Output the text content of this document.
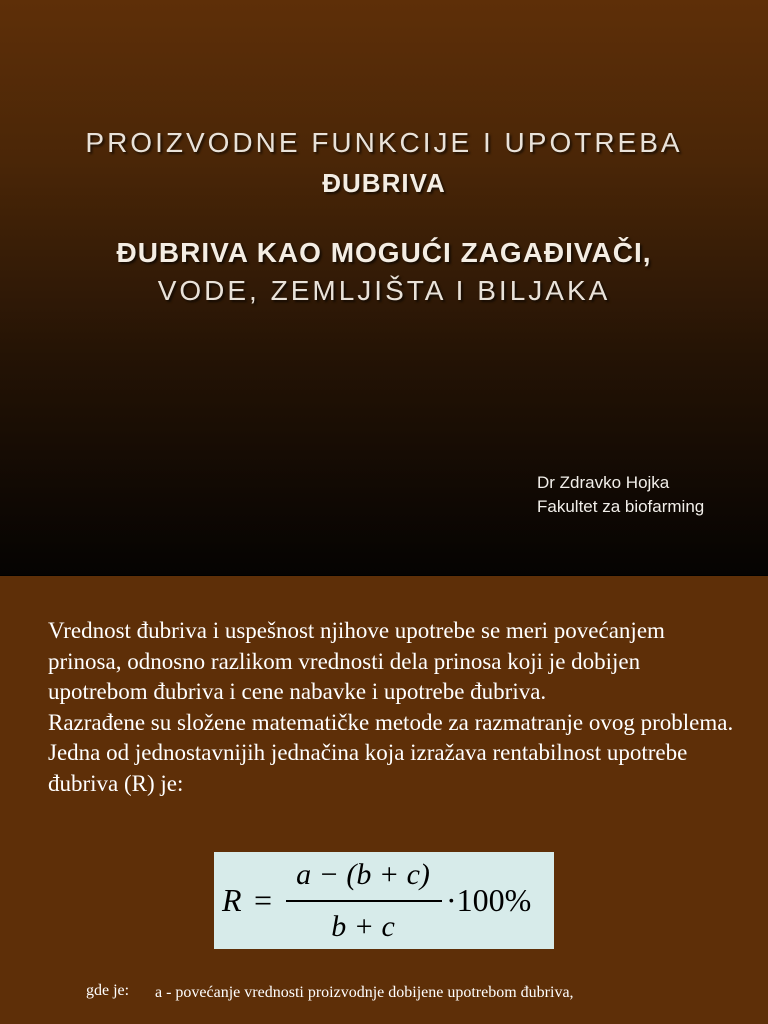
PROIZVODNE FUNKCIJE I UPOTREBA
ĐUBRIVA
ĐUBRIVA KAO MOGUĆI ZAGAĐIVAČI,
VODE, ZEMLJIŠTA I BILJAKA
Dr Zdravko Hojka
Fakultet za biofarming

Vrednost đubriva i uspešnost njihove upotrebe se meri povećanjem prinosa, odnosno razlikom vrednosti dela prinosa koji je dobijen upotrebom đubriva i cene nabavke i upotrebe đubriva.

Razrađene su složene matematičke metode za razmatranje ovog problema. Jedna od jednostavnijih jednačina koja izražava rentabilnost upotrebe đubriva (R) je:

R =
a − (b + c)
b + c
·100%
gde je: a - povećanje vrednosti proizvodnje dobijene upotrebom đubriva,
